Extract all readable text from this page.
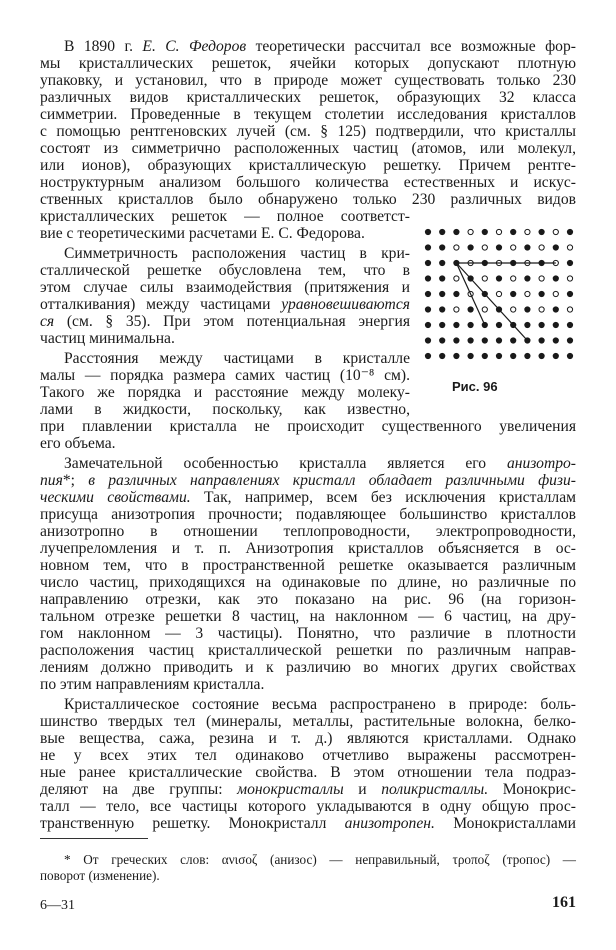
В 1890 г. Е. С. Федоров теоретически рассчитал все возможные фор-
мы кристаллических решеток, ячейки которых допускают плотную
упаковку, и установил, что в природе может существовать только 230
различных видов кристаллических решеток, образующих 32 класса
симметрии. Проведенные в текущем столетии исследования кристаллов
с помощью рентгеновских лучей (см. § 125) подтвердили, что кристаллы
состоят из симметрично расположенных частиц (атомов, или молекул,
или ионов), образующих кристаллическую решетку. Причем рентге-
ноструктурным анализом большого количества естественных и искус-
ственных кристаллов было обнаружено только 230 различных видов
кристаллических решеток — полное соответст-
вие с теоретическими расчетами Е. С. Федорова.
Симметричность расположения частиц в кри-
сталлической решетке обусловлена тем, что в
этом случае силы взаимодействия (притяжения и
отталкивания) между частицами уравновешиваются
ся (см. § 35). При этом потенциальная энергия
частиц минимальна.
Расстояния между частицами в кристалле
малы — порядка размера самих частиц (10⁻⁸ см).
Такого же порядка и расстояние между молеку-
лами в жидкости, поскольку, как известно,
при плавлении кристалла не происходит существенного увеличения
его объема.
Замечательной особенностью кристалла является его анизотро-
пия*; в различных направлениях кристалл обладает различными физи-
ческими свойствами. Так, например, всем без исключения кристаллам
присуща анизотропия прочности; подавляющее большинство кристаллов
анизотропно в отношении теплопроводности, электропроводности,
лучепреломления и т. п. Анизотропия кристаллов объясняется в ос-
новном тем, что в пространственной решетке оказывается различным
число частиц, приходящихся на одинаковые по длине, но различные по
направлению отрезки, как это показано на рис. 96 (на горизон-
тальном отрезке решетки 8 частиц, на наклонном — 6 частиц, на дру-
гом наклонном — 3 частицы). Понятно, что различие в плотности
расположения частиц кристаллической решетки по различным направ-
лениям должно приводить и к различию во многих других свойствах
по этим направлениям кристалла.
Кристаллическое состояние весьма распространено в природе: боль-
шинство твердых тел (минералы, металлы, растительные волокна, белко-
вые вещества, сажа, резина и т. д.) являются кристаллами. Однако
не у всех этих тел одинаково отчетливо выражены рассмотрен-
ные ранее кристаллические свойства. В этом отношении тела подраз-
деляют на две группы: монокристаллы и поликристаллы. Монокрис-
талл — тело, все частицы которого укладываются в одну общую прос-
транственную решетку. Монокристалл анизотропен. Монокристаллами
Рис. 96
* От греческих слов: ανισοζ (анизос) — неправильный, τροποζ (тропос) —
поворот (изменение).
6—31	161
